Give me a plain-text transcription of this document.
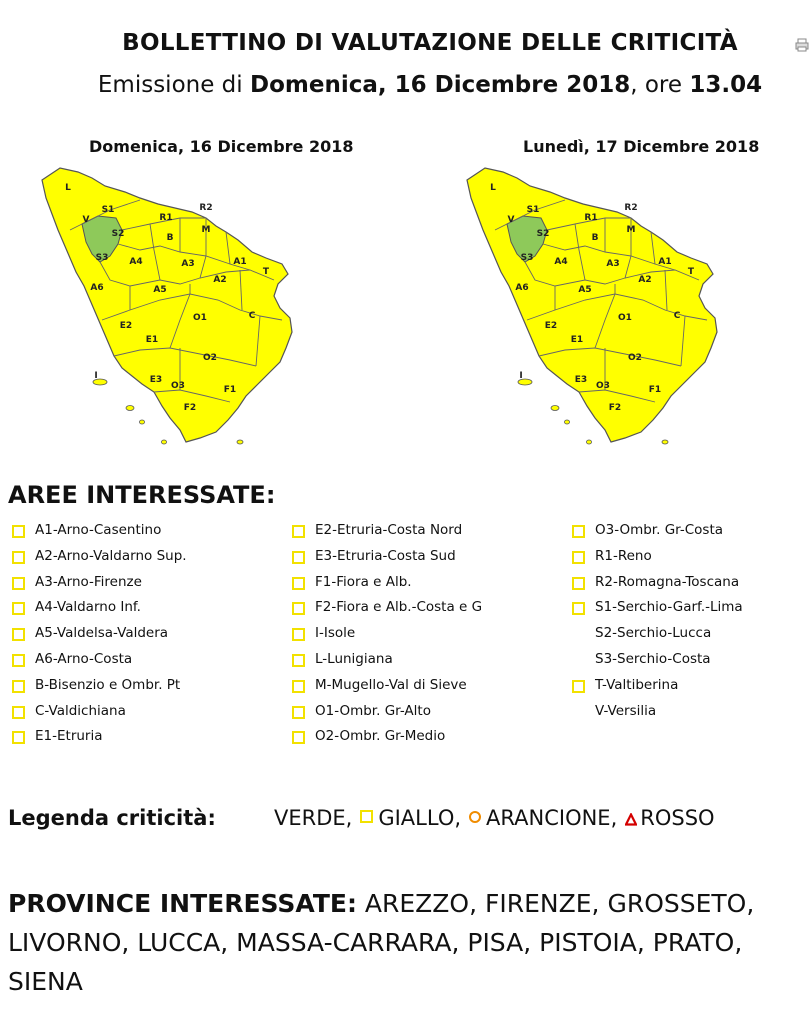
BOLLETTINO DI VALUTAZIONE DELLE CRITICITÀ
Emissione di Domenica, 16 Dicembre 2018, ore 13.04
Domenica, 16 Dicembre 2018	Lunedì, 17 Dicembre 2018
L
S1
V
S2
S3
R1
R2
B
M
A4	A3	A1
T
A6	A5
A2
E2
O1	C
E1
O2
I	E3
O3	F1
F2
L
S1
V
S2
S3
R1
R2
B
M
A4	A3	A1
T
A6	A5
A2
E2
O1	C
E1
O2
I	E3
O3	F1
F2
AREE INTERESSATE:
A1-Arno-Casentino
A2-Arno-Valdarno Sup.
A3-Arno-Firenze
A4-Valdarno Inf.
A5-Valdelsa-Valdera
A6-Arno-Costa
B-Bisenzio e Ombr. Pt
C-Valdichiana
E1-Etruria
E2-Etruria-Costa Nord
E3-Etruria-Costa Sud
F1-Fiora e Alb.
F2-Fiora e Alb.-Costa e G
I-Isole
L-Lunigiana
M-Mugello-Val di Sieve
O1-Ombr. Gr-Alto
O2-Ombr. Gr-Medio
O3-Ombr. Gr-Costa
R1-Reno
R2-Romagna-Toscana
S1-Serchio-Garf.-Lima
S2-Serchio-Lucca
S3-Serchio-Costa
T-Valtiberina
V-Versilia
Legenda criticità:	VERDE, GIALLO, ARANCIONE, ROSSO
PROVINCE INTERESSATE: AREZZO, FIRENZE, GROSSETO, LIVORNO, LUCCA, MASSA-CARRARA, PISA, PISTOIA, PRATO, SIENA
